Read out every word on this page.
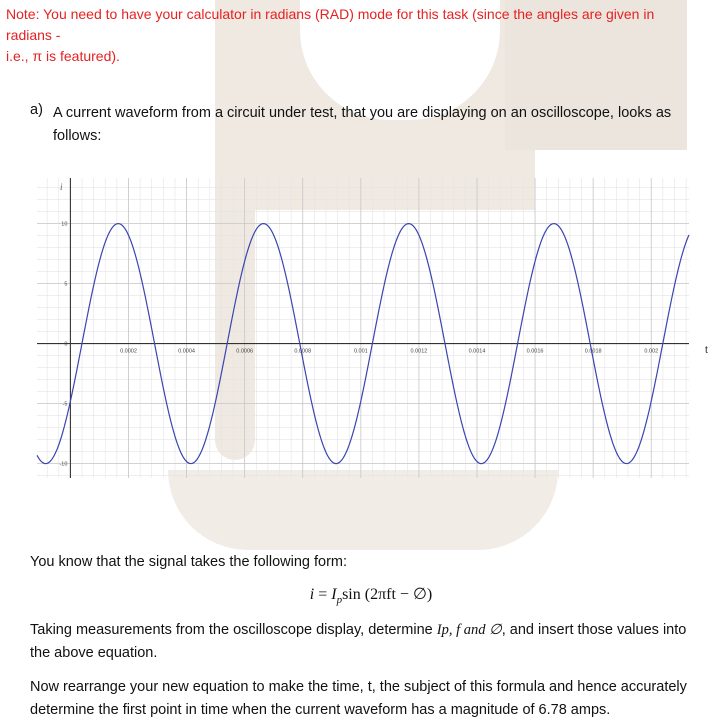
Note: You need to have your calculator in radians (RAD) mode for this task (since the angles are given in
radians -
i.e., π is featured).
a) A current waveform from a circuit under test, that you are displaying on an oscilloscope, looks as follows:
0.0002	0.0004	0.0006	0.0008	0.001	0.0012	0.0014	0.0016	0.0018	0.002
10
5
0
-5
-10
i
t
You know that the signal takes the following form:
$i = I_p\sin$ (2πft − ∅)
Taking measurements from the oscilloscope display, determine Ip, f and ∅, and insert those values into the above equation.
Now rearrange your new equation to make the time, t, the subject of this formula and hence accurately determine the first point in time when the current waveform has a magnitude of 6.78 amps.
